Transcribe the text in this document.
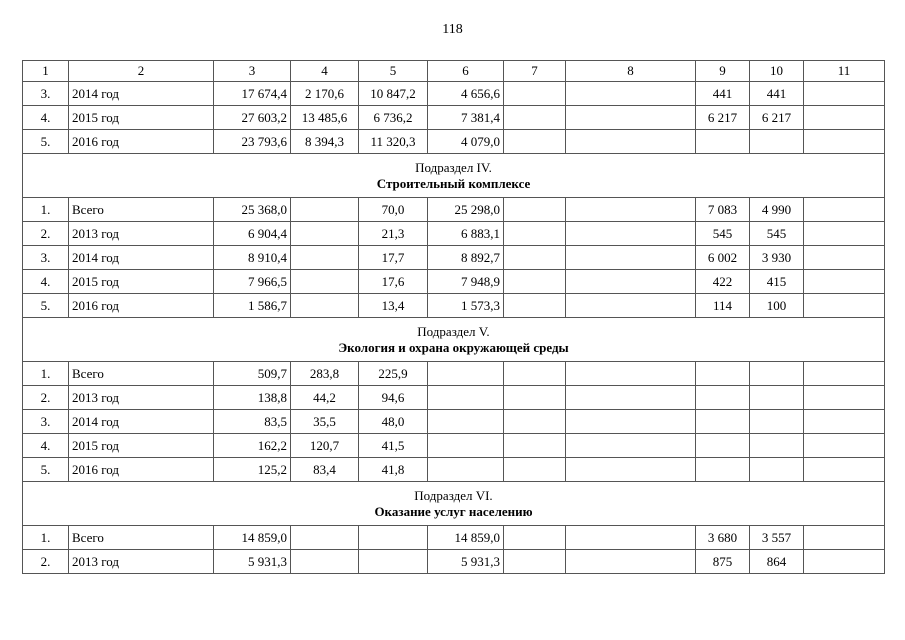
118
1	2	3	4	5	6	7	8	9	10	11
3.	2014 год	17 674,4	2 170,6	10 847,2	4 656,6			441	441	
4.	2015 год	27 603,2	13 485,6	6 736,2	7 381,4			6 217	6 217	
5.	2016 год	23 793,6	8 394,3	11 320,3	4 079,0					

Подраздел IV.
Строительный комплексе										

1.	Всего	25 368,0		70,0	25 298,0			7 083	4 990	
2.	2013 год	6 904,4		21,3	6 883,1			545	545	
3.	2014 год	8 910,4		17,7	8 892,7			6 002	3 930	
4.	2015 год	7 966,5		17,6	7 948,9			422	415	
5.	2016 год	1 586,7		13,4	1 573,3			114	100	

Подраздел V.
Экология и охрана окружающей среды										

1.	Всего	509,7	283,8	225,9						
2.	2013 год	138,8	44,2	94,6						
3.	2014 год	83,5	35,5	48,0						
4.	2015 год	162,2	120,7	41,5						
5.	2016 год	125,2	83,4	41,8						

Подраздел VI.
Оказание услуг населению										

1.	Всего	14 859,0			14 859,0			3 680	3 557	
2.	2013 год	5 931,3			5 931,3			875	864	
